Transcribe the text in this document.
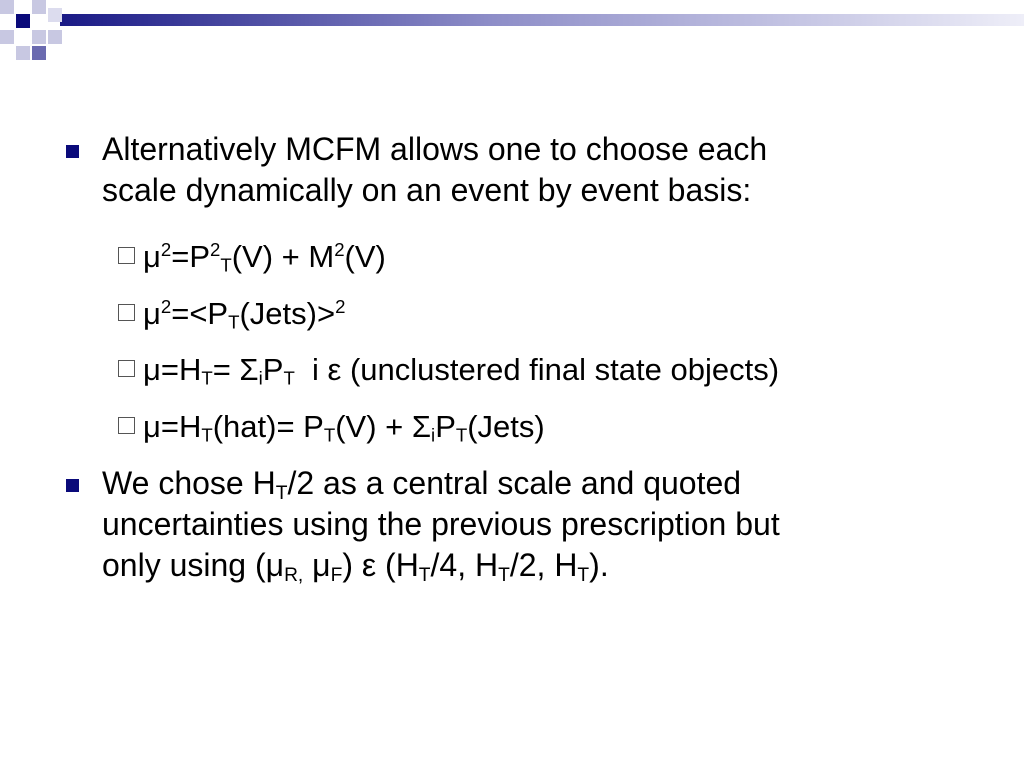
Alternatively MCFM allows one to choose each
scale dynamically on an event by event basis:
$\mu^2=P^2_T(V) + M^2(V)$
$\mu^2=<P_T(Jets)>^2$
$\mu=H_T= \Sigma_iP_T$ i ε (unclustered final state objects)
$\mu=H_T(hat)= P_T(V)$ + $\Sigma_iP_T(Jets)$
We chose $H_T/2$ as a central scale and quoted
uncertainties using the previous prescription but
only using ($\mu_{R,}$ $\mu_F$) ε ($H_T/4$, $H_T/2$, $H_T$).
